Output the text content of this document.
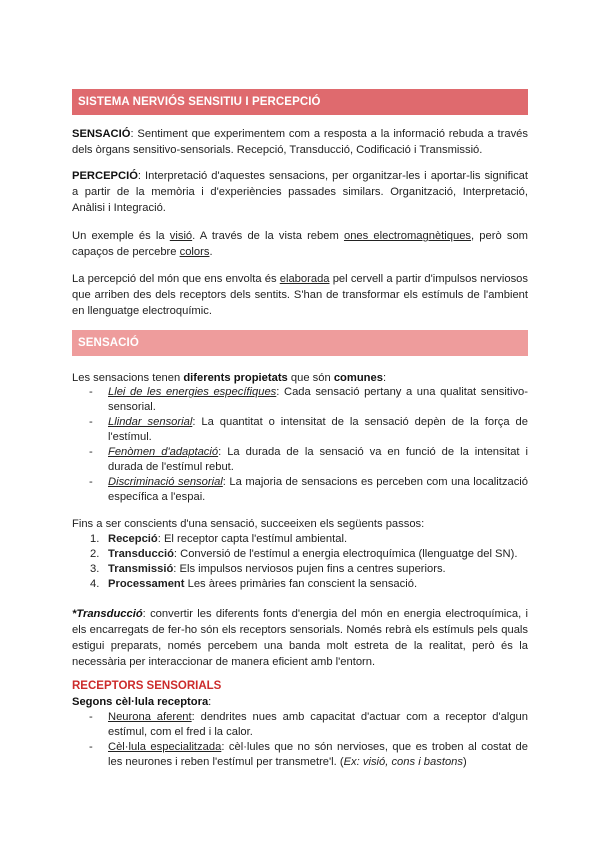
SISTEMA NERVIÓS SENSITIU I PERCEPCIÓ

SENSACIÓ: Sentiment que experimentem com a resposta a la informació rebuda a través dels òrgans sensitivo-sensorials. Recepció, Transducció, Codificació i Transmissió.

PERCEPCIÓ: Interpretació d'aquestes sensacions, per organitzar-les i aportar-lis significat a partir de la memòria i d'experiències passades similars. Organització, Interpretació, Anàlisi i Integració.

Un exemple és la visió. A través de la vista rebem ones electromagnètiques, però som capaços de percebre colors.

La percepció del món que ens envolta és elaborada pel cervell a partir d'impulsos nerviosos que arriben des dels receptors dels sentits. S'han de transformar els estímuls de l'ambient en llenguatge electroquímic.

SENSACIÓ

Les sensacions tenen diferents propietats que són comunes:

- Llei de les energies específiques: Cada sensació pertany a una qualitat sensitivo-sensorial.
- Llindar sensorial: La quantitat o intensitat de la sensació depèn de la força de l'estímul.
- Fenòmen d'adaptació: La durada de la sensació va en funció de la intensitat i durada de l'estímul rebut.
- Discriminació sensorial: La majoria de sensacions es perceben com una localització específica a l'espai.

Fins a ser conscients d'una sensació, succeeixen els següents passos:

1. Recepció: El receptor capta l'estímul ambiental.
2. Transducció: Conversió de l'estímul a energia electroquímica (llenguatge del SN).
3. Transmissió: Els impulsos nerviosos pujen fins a centres superiors.
4. Processament Les àrees primàries fan conscient la sensació.

*Transducció: convertir les diferents fonts d'energia del món en energia electroquímica, i els encarregats de fer-ho són els receptors sensorials. Només rebrà els estímuls pels quals estigui preparats, només percebem una banda molt estreta de la realitat, però és la necessària per interaccionar de manera eficient amb l'entorn.

RECEPTORS SENSORIALS

Segons cèl·lula receptora:

- Neurona aferent: dendrites nues amb capacitat d'actuar com a receptor d'algun estímul, com el fred i la calor.
- Cèl·lula especialitzada: cèl·lules que no són nervioses, que es troben al costat de les neurones i reben l'estímul per transmetre'l. (Ex: visió, cons i bastons)
